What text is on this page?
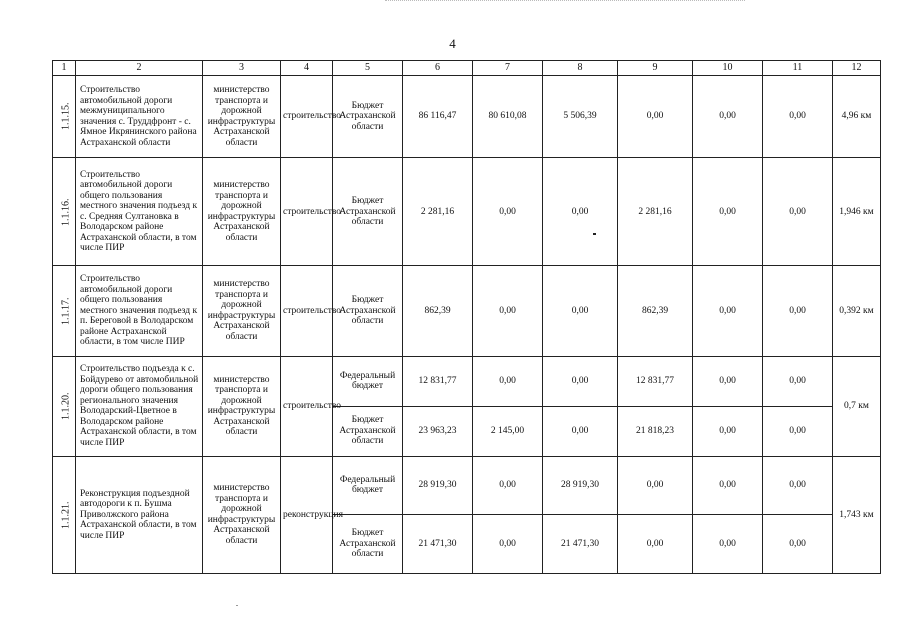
4
1	2	3	4	5	6	7	8	9	10	11	12
1.1.15.	Строительство автомобильной дороги межмуниципального значения с. Труддфронт - с. Ямное Икрянинского района Астраханской области	министерство транспорта и дорожной инфраструктуры Астраханской области	строительство	Бюджет Астраханской области	86 116,47	80 610,08	5 506,39	0,00	0,00	0,00	4,96 км
1.1.16.	Строительство автомобильной дороги общего пользования местного значения подъезд к с. Средняя Султановка в Володарском районе Астраханской области, в том числе ПИР	министерство транспорта и дорожной инфраструктуры Астраханской области	строительство	Бюджет Астраханской области	2 281,16	0,00	0,00	2 281,16	0,00	0,00	1,946 км
1.1.17.	Строительство автомобильной дороги общего пользования местного значения подъезд к п. Береговой в Володарском районе Астраханской области, в том числе ПИР	министерство транспорта и дорожной инфраструктуры Астраханской области	строительство	Бюджет Астраханской области	862,39	0,00	0,00	862,39	0,00	0,00	0,392 км
1.1.20.	Строительство подъезда к с. Бойдурево от автомобильной дороги общего пользования регионального значения Володарский-Цветное в Володарском районе Астраханской области, в том числе ПИР	министерство транспорта и дорожной инфраструктуры Астраханской области	строительство	Федеральный бюджет	12 831,77	0,00	0,00	12 831,77	0,00	0,00	0,7 км
				Бюджет Астраханской области	23 963,23	2 145,00	0,00	21 818,23	0,00	0,00	
1.1.21.	Реконструкция подъездной автодороги к п. Бушма Приволжского района Астраханской области, в том числе ПИР	министерство транспорта и дорожной инфраструктуры Астраханской области	реконструкция	Федеральный бюджет	28 919,30	0,00	28 919,30	0,00	0,00	0,00	1,743 км
				Бюджет Астраханской области	21 471,30	0,00	21 471,30	0,00	0,00	0,00	
